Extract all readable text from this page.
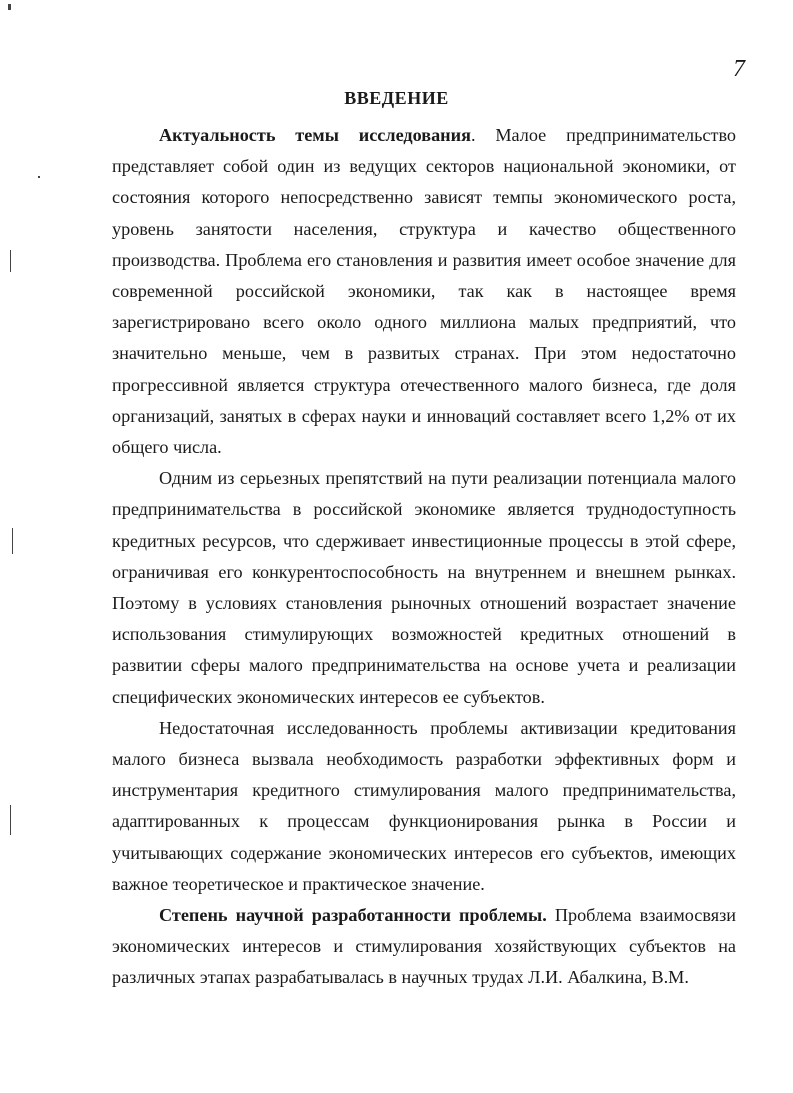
7
ВВЕДЕНИЕ

Актуальность темы исследования. Малое предпринимательство представляет собой один из ведущих секторов национальной экономики, от состояния которого непосредственно зависят темпы экономического роста, уровень занятости населения, структура и качество общественного производства. Проблема его становления и развития имеет особое значение для современной российской экономики, так как в настоящее время зарегистрировано всего около одного миллиона малых предприятий, что значительно меньше, чем в развитых странах. При этом недостаточно прогрессивной является структура отечественного малого бизнеса, где доля организаций, занятых в сферах науки и инноваций составляет всего 1,2% от их общего числа.

Одним из серьезных препятствий на пути реализации потенциала малого предпринимательства в российской экономике является труднодоступность кредитных ресурсов, что сдерживает инвестиционные процессы в этой сфере, ограничивая его конкурентоспособность на внутреннем и внешнем рынках. Поэтому в условиях становления рыночных отношений возрастает значение использования стимулирующих возможностей кредитных отношений в развитии сферы малого предпринимательства на основе учета и реализации специфических экономических интересов ее субъектов.

Недостаточная исследованность проблемы активизации кредитования малого бизнеса вызвала необходимость разработки эффективных форм и инструментария кредитного стимулирования малого предпринимательства, адаптированных к процессам функционирования рынка в России и учитывающих содержание экономических интересов его субъектов, имеющих важное теоретическое и практическое значение.

Степень научной разработанности проблемы. Проблема взаимосвязи экономических интересов и стимулирования хозяйствующих субъектов на различных этапах разрабатывалась в научных трудах Л.И. Абалкина, В.М.
